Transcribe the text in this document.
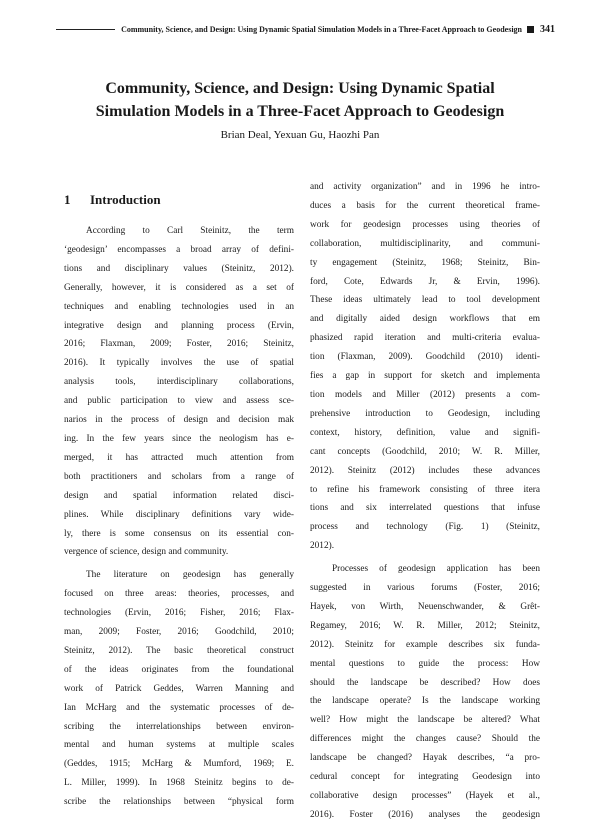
Community, Science, and Design: Using Dynamic Spatial Simulation Models in a Three-Facet Approach to Geodesign 341
Community, Science, and Design: Using Dynamic Spatial
Simulation Models in a Three-Facet Approach to Geodesign

Brian Deal, Yexuan Gu, Haozhi Pan

1 Introduction

According to Carl Steinitz, the term
‘geodesign’ encompasses a broad array of defini-
tions and disciplinary values (Steinitz, 2012).
Generally, however, it is considered as a set of
techniques and enabling technologies used in an
integrative design and planning process (Ervin,
2016; Flaxman, 2009; Foster, 2016; Steinitz,
2016). It typically involves the use of spatial
analysis tools, interdisciplinary collaborations,
and public participation to view and assess sce-
narios in the process of design and decision mak
ing. In the few years since the neologism has e-
merged, it has attracted much attention from
both practitioners and scholars from a range of
design and spatial information related disci-
plines. While disciplinary definitions vary wide-
ly, there is some consensus on its essential con-
vergence of science, design and community.

The literature on geodesign has generally
focused on three areas: theories, processes, and
technologies (Ervin, 2016; Fisher, 2016; Flax-
man, 2009; Foster, 2016; Goodchild, 2010;
Steinitz, 2012). The basic theoretical construct
of the ideas originates from the foundational
work of Patrick Geddes, Warren Manning and
Ian McHarg and the systematic processes of de-
scribing the interrelationships between environ-
mental and human systems at multiple scales
(Geddes, 1915; McHarg & Mumford, 1969; E.
L. Miller, 1999). In 1968 Steinitz begins to de-
scribe the relationships between “physical form

and activity organization” and in 1996 he intro-
duces a basis for the current theoretical frame-
work for geodesign processes using theories of
collaboration, multidisciplinarity, and communi-
ty engagement (Steinitz, 1968; Steinitz, Bin-
ford, Cote, Edwards Jr, & Ervin, 1996).
These ideas ultimately lead to tool development
and digitally aided design workflows that em
phasized rapid iteration and multi-criteria evalua-
tion (Flaxman, 2009). Goodchild (2010) identi-
fies a gap in support for sketch and implementa
tion models and Miller (2012) presents a com-
prehensive introduction to Geodesign, including
context, history, definition, value and signifi-
cant concepts (Goodchild, 2010; W. R. Miller,
2012). Steinitz (2012) includes these advances
to refine his framework consisting of three itera
tions and six interrelated questions that infuse
process and technology (Fig. 1) (Steinitz,
2012).

Processes of geodesign application has been
suggested in various forums (Foster, 2016;
Hayek, von Wirth, Neuenschwander, & Grêt-
Regamey, 2016; W. R. Miller, 2012; Steinitz,
2012). Steinitz for example describes six funda-
mental questions to guide the process: How
should the landscape be described? How does
the landscape operate? Is the landscape working
well? How might the landscape be altered? What
differences might the changes cause? Should the
landscape be changed? Hayak describes, “a pro-
cedural concept for integrating Geodesign into
collaborative design processes” (Hayek et al.,
2016). Foster (2016) analyses the geodesign
